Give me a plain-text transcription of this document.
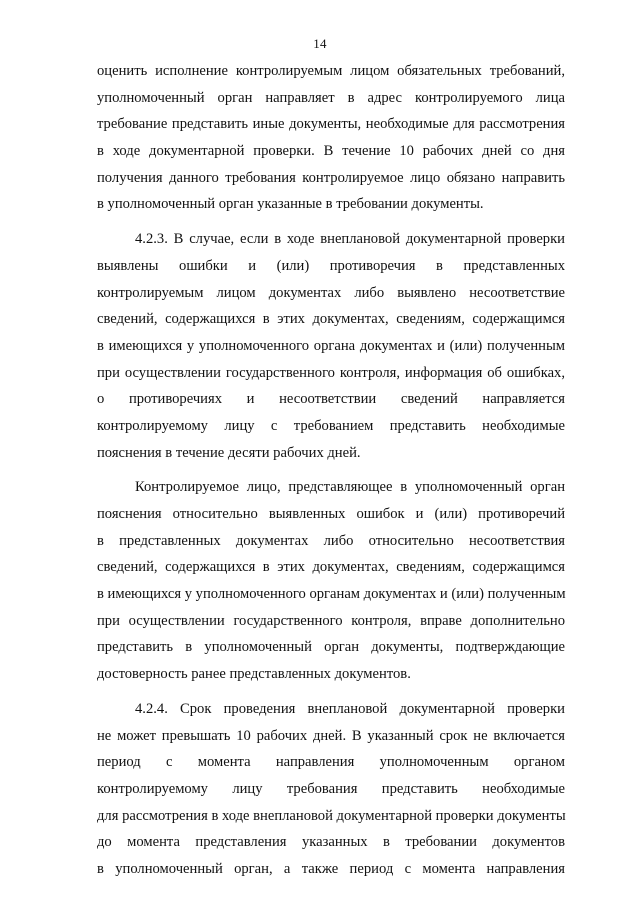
14
оценить исполнение контролируемым лицом обязательных требований,
уполномоченный орган направляет в адрес контролируемого лица
требование представить иные документы, необходимые для рассмотрения
в ходе документарной проверки. В течение 10 рабочих дней со дня
получения данного требования контролируемое лицо обязано направить
в уполномоченный орган указанные в требовании документы.
4.2.3. В случае, если в ходе внеплановой документарной проверки
выявлены ошибки и (или) противоречия в представленных
контролируемым лицом документах либо выявлено несоответствие
сведений, содержащихся в этих документах, сведениям, содержащимся
в имеющихся у уполномоченного органа документах и (или) полученным
при осуществлении государственного контроля, информация об ошибках,
о противоречиях и несоответствии сведений направляется
контролируемому лицу с требованием представить необходимые
пояснения в течение десяти рабочих дней.
Контролируемое лицо, представляющее в уполномоченный орган
пояснения относительно выявленных ошибок и (или) противоречий
в представленных документах либо относительно несоответствия
сведений, содержащихся в этих документах, сведениям, содержащимся
в имеющихся у уполномоченного органам документах и (или) полученным
при осуществлении государственного контроля, вправе дополнительно
представить в уполномоченный орган документы, подтверждающие
достоверность ранее представленных документов.
4.2.4. Срок проведения внеплановой документарной проверки
не может превышать 10 рабочих дней. В указанный срок не включается
период с момента направления уполномоченным органом
контролируемому лицу требования представить необходимые
для рассмотрения в ходе внеплановой документарной проверки документы
до момента представления указанных в требовании документов
в уполномоченный орган, а также период с момента направления
